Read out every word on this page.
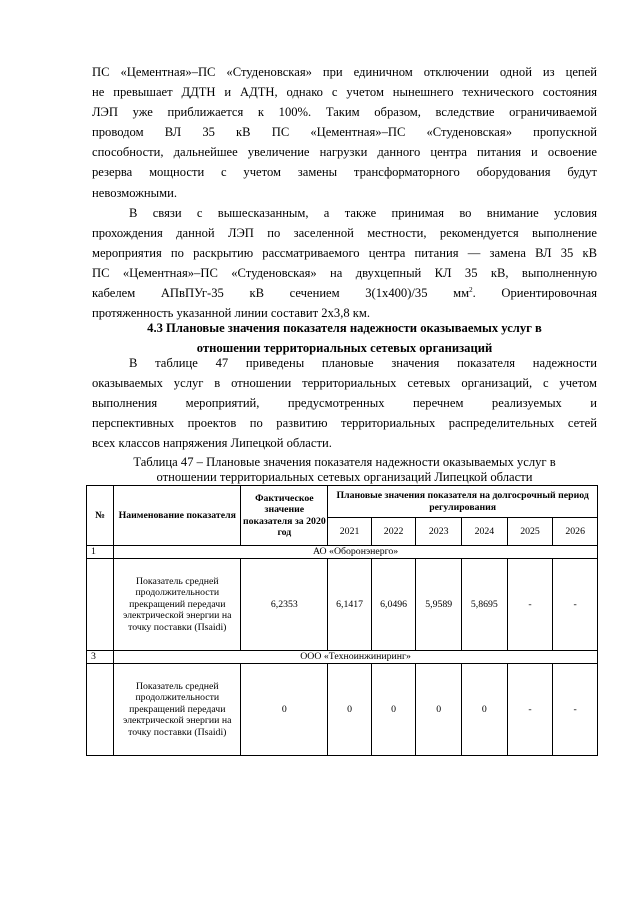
ПС «Цементная»–ПС «Студеновская» при единичном отключении одной из цепей
не превышает ДДТН и АДТН, однако с учетом нынешнего технического состояния
ЛЭП уже приближается к 100%. Таким образом, вследствие ограничиваемой
проводом ВЛ 35 кВ ПС «Цементная»–ПС «Студеновская» пропускной
способности, дальнейшее увеличение нагрузки данного центра питания и освоение
резерва мощности с учетом замены трансформаторного оборудования будут
невозможными.
В связи с вышесказанным, а также принимая во внимание условия
прохождения данной ЛЭП по заселенной местности, рекомендуется выполнение
мероприятия по раскрытию рассматриваемого центра питания — замена ВЛ 35 кВ
ПС «Цементная»–ПС «Студеновская» на двухцепный КЛ 35 кВ, выполненную
кабелем АПвПУг-35 кВ сечением 3(1х400)/35 $мм^2$. Ориентировочная
протяженность указанной линии составит 2х3,8 км.
4.3 Плановые значения показателя надежности оказываемых услуг в
отношении территориальных сетевых организаций
В таблице 47 приведены плановые значения показателя надежности
оказываемых услуг в отношении территориальных сетевых организаций, с учетом
выполнения мероприятий, предусмотренных перечнем реализуемых и
перспективных проектов по развитию территориальных распределительных сетей
всех классов напряжения Липецкой области.
Таблица 47 – Плановые значения показателя надежности оказываемых услуг в
отношении территориальных сетевых организаций Липецкой области
№	Наименование показателя	Фактическое значение показателя за 2020 год	Плановые значения показателя на долгосрочный период регулирования					
			2021	2022	2023	2024	2025	2026
1	АО «Оборонэнерго»							
	Показатель средней продолжительности прекращений передачи электрической энергии на точку поставки (Пsaidi)	6,2353	6,1417	6,0496	5,9589	5,8695	-	-
3	ООО «Техноинжиниринг»							
	Показатель средней продолжительности прекращений передачи электрической энергии на точку поставки (Пsaidi)	0	0	0	0	0	-	-
